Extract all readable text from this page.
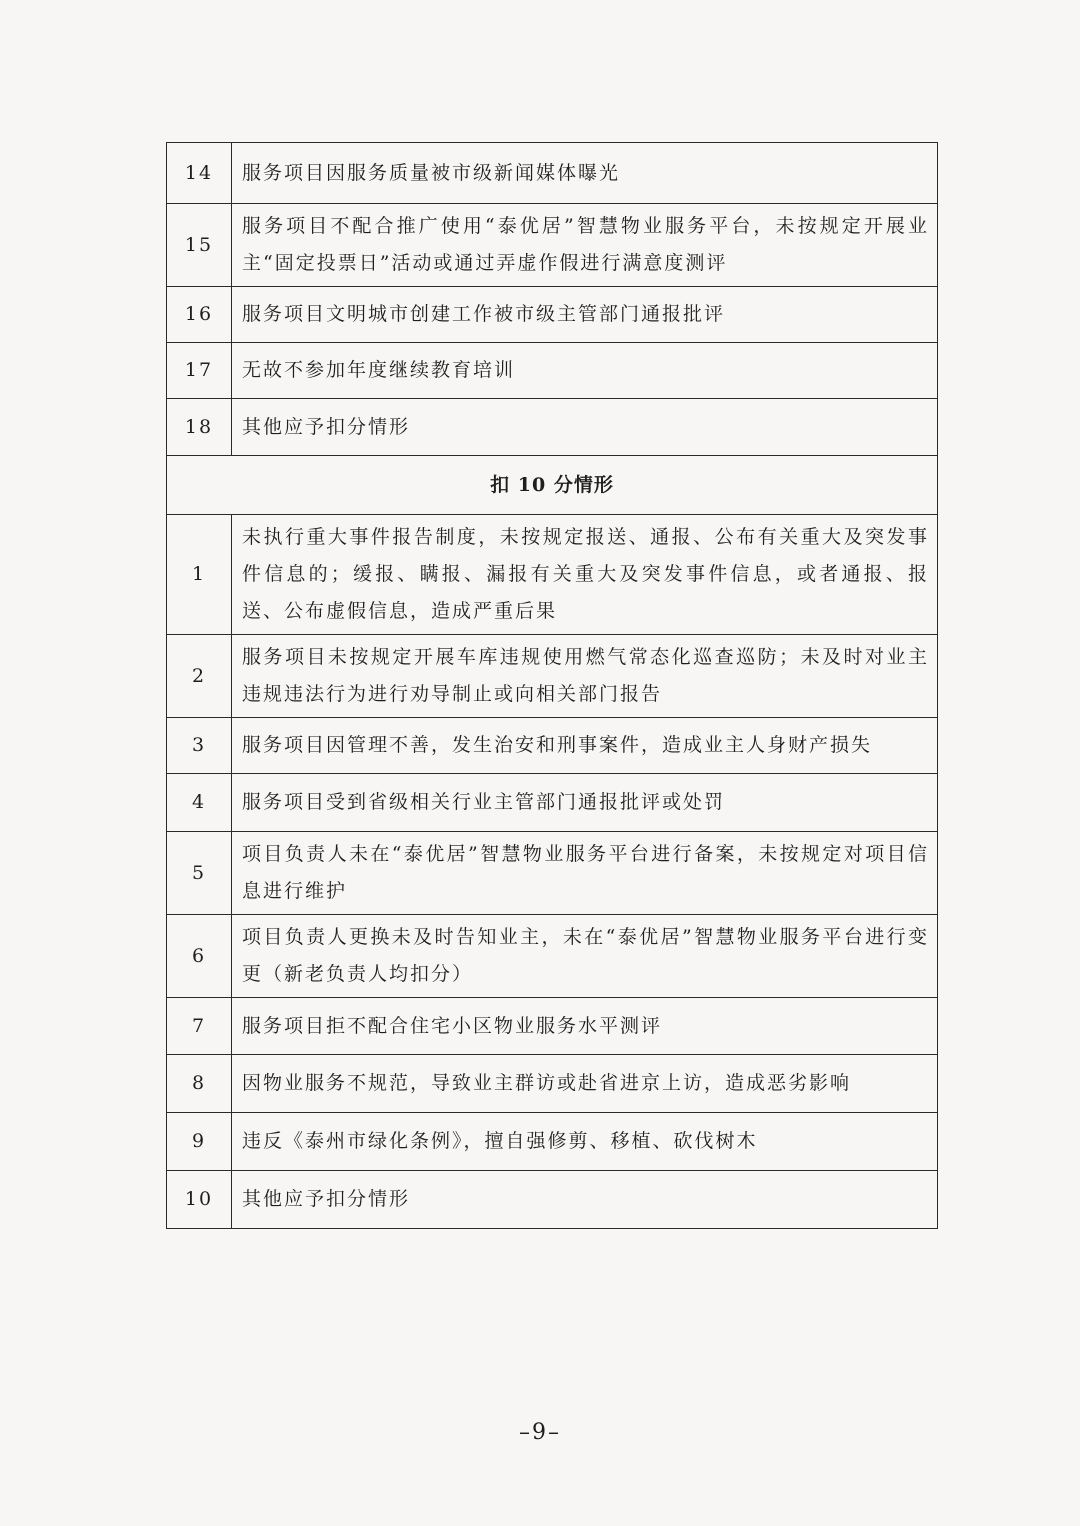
14	服务项目因服务质量被市级新闻媒体曝光
15	服务项目不配合推广使用“泰优居”智慧物业服务平台，未按规定开展业主“固定投票日”活动或通过弄虚作假进行满意度测评
16	服务项目文明城市创建工作被市级主管部门通报批评
17	无故不参加年度继续教育培训
18	其他应予扣分情形
扣 10 分情形	
1	未执行重大事件报告制度，未按规定报送、通报、公布有关重大及突发事件信息的；缓报、瞒报、漏报有关重大及突发事件信息，或者通报、报送、公布虚假信息，造成严重后果
2	服务项目未按规定开展车库违规使用燃气常态化巡查巡防；未及时对业主违规违法行为进行劝导制止或向相关部门报告
3	服务项目因管理不善，发生治安和刑事案件，造成业主人身财产损失
4	服务项目受到省级相关行业主管部门通报批评或处罚
5	项目负责人未在“泰优居”智慧物业服务平台进行备案，未按规定对项目信息进行维护
6	项目负责人更换未及时告知业主，未在“泰优居”智慧物业服务平台进行变更（新老负责人均扣分）
7	服务项目拒不配合住宅小区物业服务水平测评
8	因物业服务不规范，导致业主群访或赴省进京上访，造成恶劣影响
9	违反《泰州市绿化条例》，擅自强修剪、移植、砍伐树木
10	其他应予扣分情形
–9–
